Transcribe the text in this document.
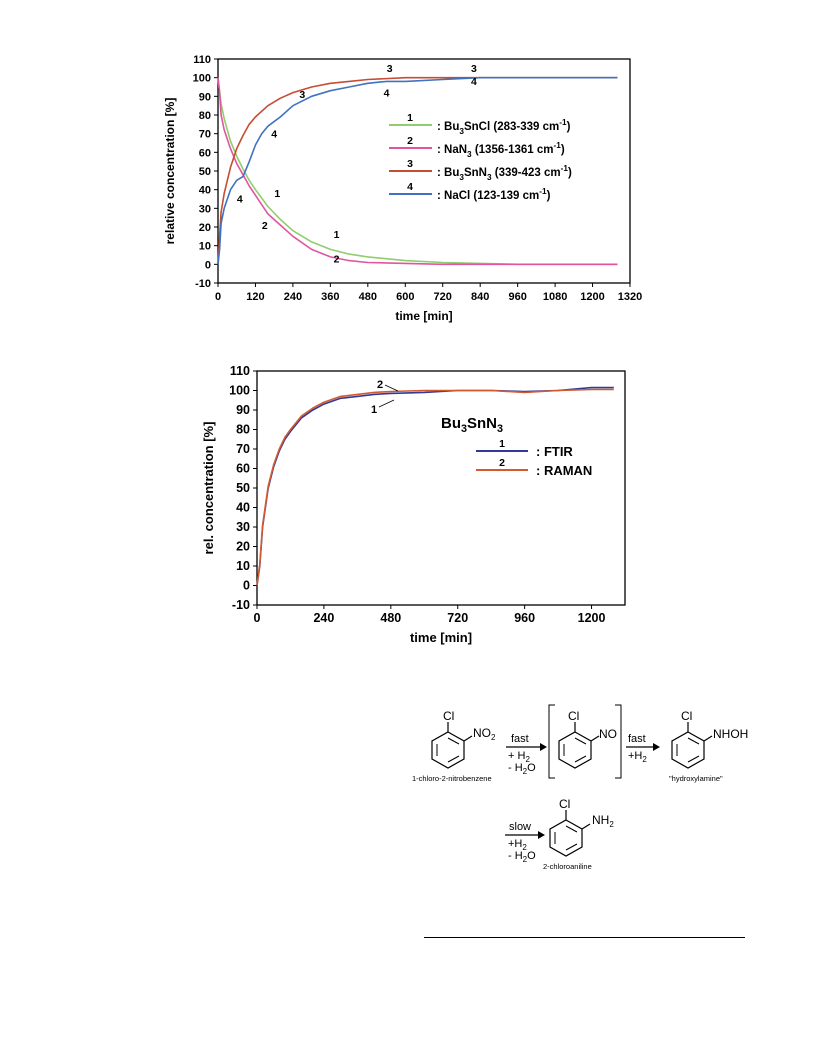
-10
0
10
20
30
40
50
60
70
80
90
100
110
0 120 240 360 480 600 720 840 960 1080 1200 1320
time [min]
relative concentration [%]
3
3	3
4
4
4
4	1
1
2
2
1
: $Bu_3SnCl$ (283-339 $cm^{-1}$)
2
: NaN$_3$ (1356-1361 $cm^{-1}$)
3
: $Bu_3SnN_3$ (339-423 $cm^{-1}$)
4
: NaCl (123-139 $cm^{-1}$)
-10
0
10
20
30
40
50
60
70
80
90
100
110
0	240	480	720	960	1200
time [min]
rel. concentration [%]
2
1
$Bu_3SnN_3$
1 : FTIR
2 : RAMAN
Cl
$NO_2$
1-chloro-2-nitrobenzene
fast
+ $H_2$
- $H_2O$
Cl
NO fast
$+H_2$
Cl
NHOH
"hydroxylamine"
slow
$+H_2$
- $H_2O$
Cl
$NH_2$
2-chloroaniline
